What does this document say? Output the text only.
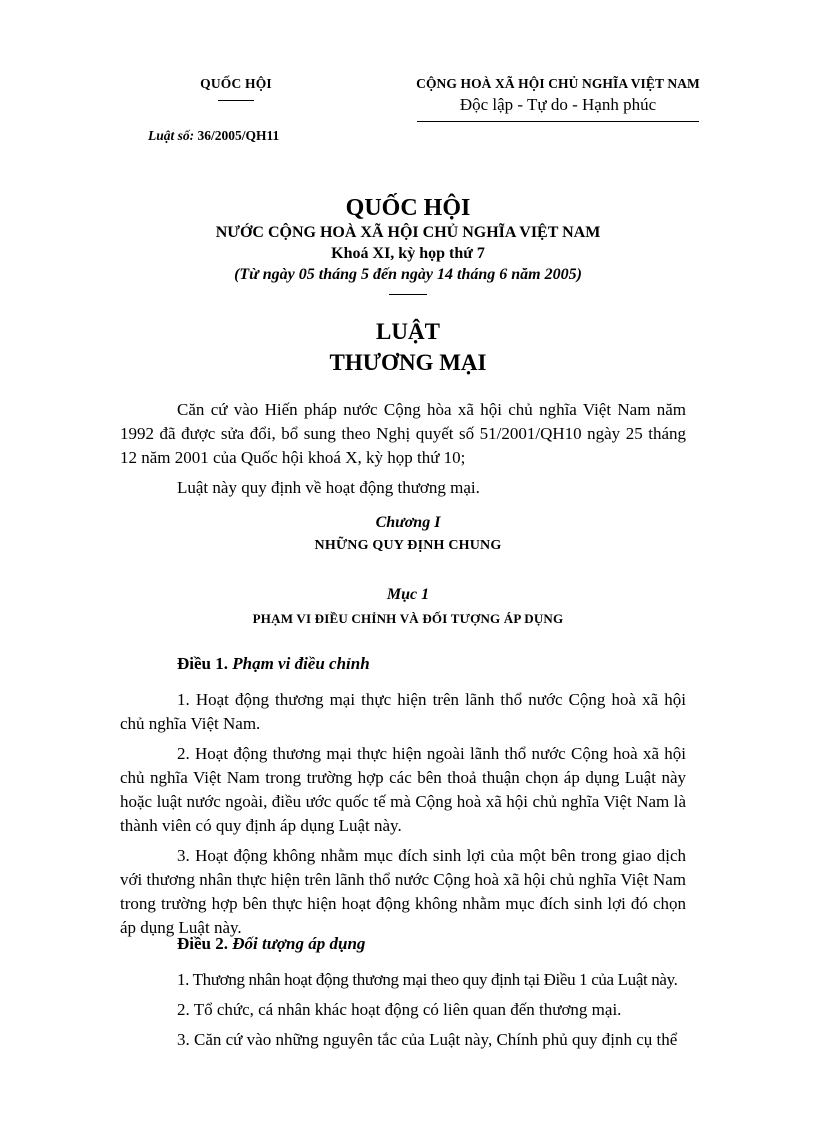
QUỐC HỘI	CỘNG HOÀ XÃ HỘI CHỦ NGHĨA VIỆT NAM
Độc lập - Tự do - Hạnh phúc
Luật số: 36/2005/QH11
QUỐC HỘI
NƯỚC CỘNG HOÀ XÃ HỘI CHỦ NGHĨA VIỆT NAM
Khoá XI, kỳ họp thứ 7
(Từ ngày 05 tháng 5 đến ngày 14 tháng 6 năm 2005)
LUẬT
THƯƠNG MẠI

Căn cứ vào Hiến pháp nước Cộng hòa xã hội chủ nghĩa Việt Nam năm 1992 đã được sửa đổi, bổ sung theo Nghị quyết số 51/2001/QH10 ngày 25 tháng 12 năm 2001 của Quốc hội khoá X, kỳ họp thứ 10;

Luật này quy định về hoạt động thương mại.

Chương I
NHỮNG QUY ĐỊNH CHUNG
Mục 1
PHẠM VI ĐIỀU CHỈNH VÀ ĐỐI TƯỢNG ÁP DỤNG
Điều 1. Phạm vi điều chỉnh

1. Hoạt động thương mại thực hiện trên lãnh thổ nước Cộng hoà xã hội chủ nghĩa Việt Nam.

2. Hoạt động thương mại thực hiện ngoài lãnh thổ nước Cộng hoà xã hội chủ nghĩa Việt Nam trong trường hợp các bên thoả thuận chọn áp dụng Luật này hoặc luật nước ngoài, điều ước quốc tế mà Cộng hoà xã hội chủ nghĩa Việt Nam là thành viên có quy định áp dụng Luật này.

3. Hoạt động không nhằm mục đích sinh lợi của một bên trong giao dịch với thương nhân thực hiện trên lãnh thổ nước Cộng hoà xã hội chủ nghĩa Việt Nam trong trường hợp bên thực hiện hoạt động không nhằm mục đích sinh lợi đó chọn áp dụng Luật này.

Điều 2. Đối tượng áp dụng

1. Thương nhân hoạt động thương mại theo quy định tại Điều 1 của Luật này.

2. Tổ chức, cá nhân khác hoạt động có liên quan đến thương mại.

3. Căn cứ vào những nguyên tắc của Luật này, Chính phủ quy định cụ thể
